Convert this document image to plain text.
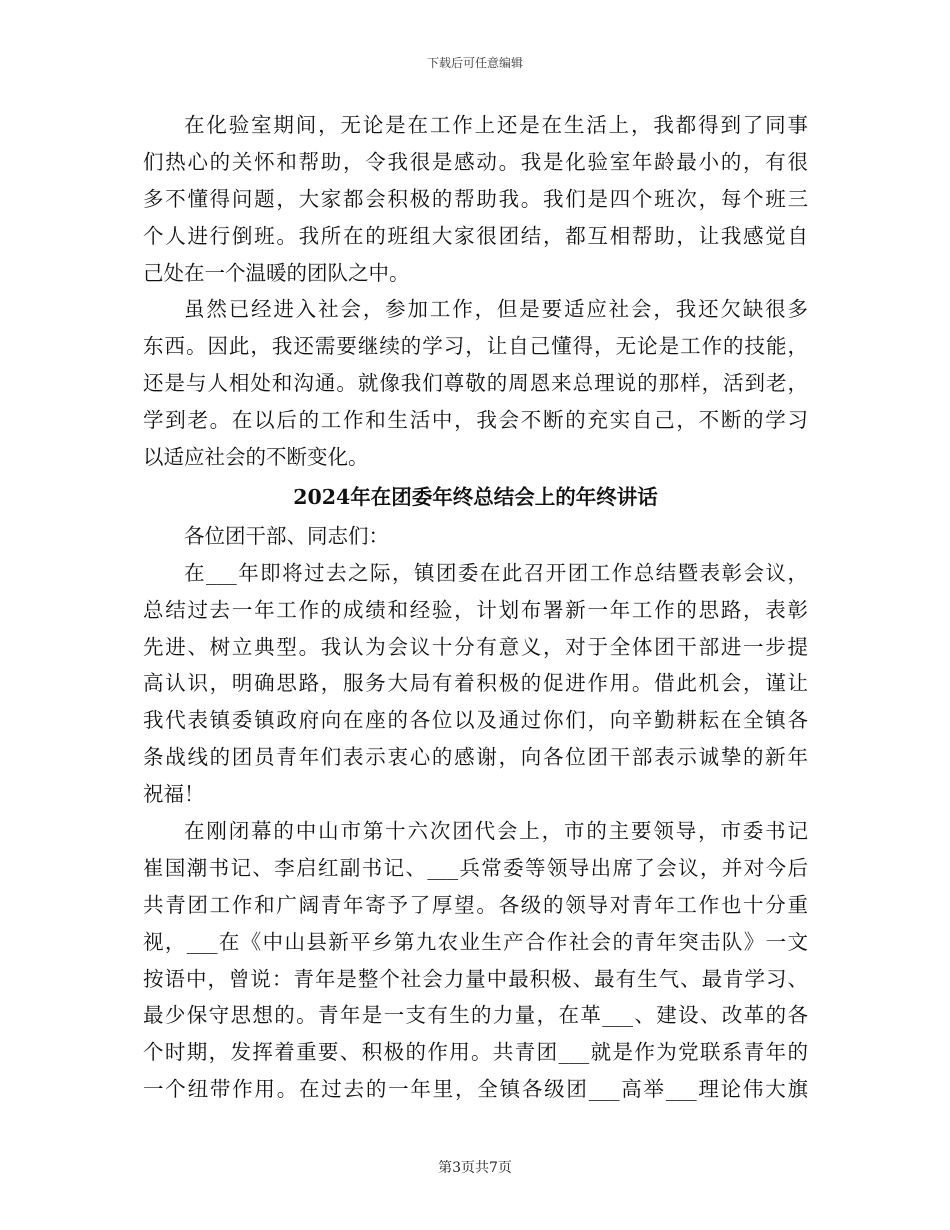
下载后可任意编辑
在化验室期间，无论是在工作上还是在生活上，我都得到了同事
们热心的关怀和帮助，令我很是感动。我是化验室年龄最小的，有很
多不懂得问题，大家都会积极的帮助我。我们是四个班次，每个班三
个人进行倒班。我所在的班组大家很团结，都互相帮助，让我感觉自
己处在一个温暖的团队之中。
虽然已经进入社会，参加工作，但是要适应社会，我还欠缺很多
东西。因此，我还需要继续的学习，让自己懂得，无论是工作的技能，
还是与人相处和沟通。就像我们尊敬的周恩来总理说的那样，活到老，
学到老。在以后的工作和生活中，我会不断的充实自己，不断的学习
以适应社会的不断变化。
2024年在团委年终总结会上的年终讲话
各位团干部、同志们：
在___年即将过去之际，镇团委在此召开团工作总结暨表彰会议，
总结过去一年工作的成绩和经验，计划布署新一年工作的思路，表彰
先进、树立典型。我认为会议十分有意义，对于全体团干部进一步提
高认识，明确思路，服务大局有着积极的促进作用。借此机会，谨让
我代表镇委镇政府向在座的各位以及通过你们，向辛勤耕耘在全镇各
条战线的团员青年们表示衷心的感谢，向各位团干部表示诚挚的新年
祝福！
在刚闭幕的中山市第十六次团代会上，市的主要领导，市委书记
崔国潮书记、李启红副书记、___兵常委等领导出席了会议，并对今后
共青团工作和广阔青年寄予了厚望。各级的领导对青年工作也十分重
视，___在《中山县新平乡第九农业生产合作社会的青年突击队》一文
按语中，曾说：青年是整个社会力量中最积极、最有生气、最肯学习、
最少保守思想的。青年是一支有生的力量，在革___、建设、改革的各
个时期，发挥着重要、积极的作用。共青团___就是作为党联系青年的
一个纽带作用。在过去的一年里，全镇各级团___高举___理论伟大旗
第3页共7页
